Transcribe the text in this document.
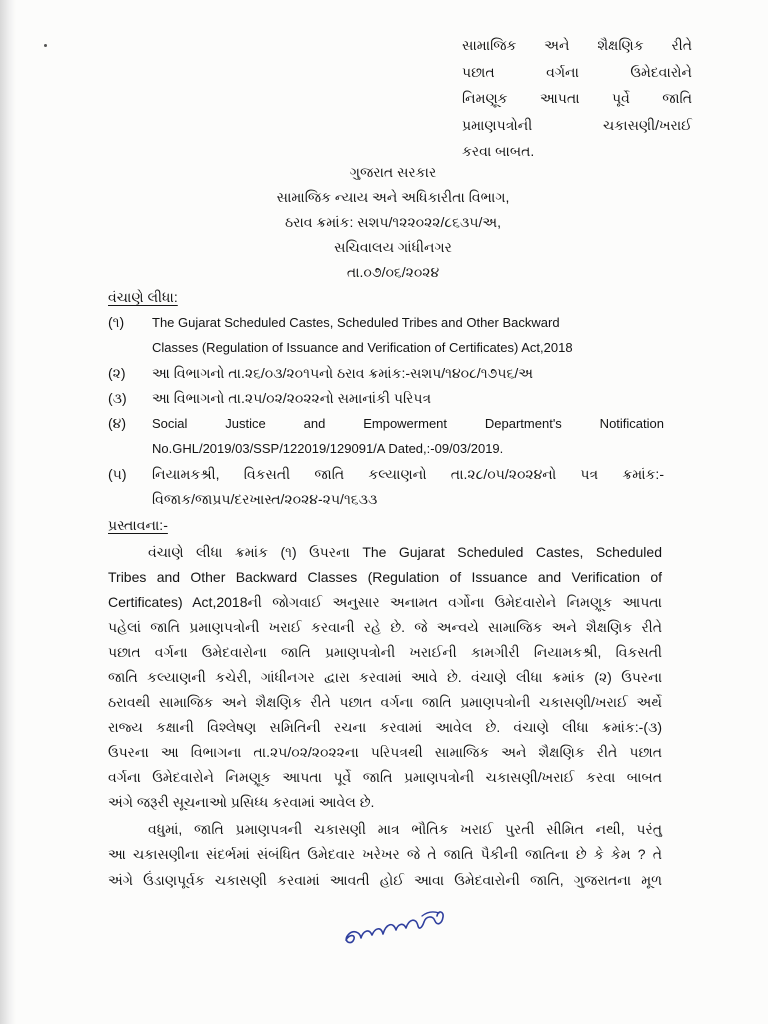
સામાજિક અને શૈક્ષણિક રીતે
પછાત વર્ગના ઉમેદવારોને
નિમણૂક આપતા પૂર્વે જાતિ
પ્રમાણપત્રોની ચકાસણી/ખરાઈ
કરવા બાબત.
ગુજરાત સરકાર
સામાજિક ન્યાય અને અધિકારીતા વિભાગ,
ઠરાવ ક્રમાંક: સશપ/૧૨૨૦૨૨/૮૬૩૫/અ,
સચિવાલય ગાંધીનગર
તા.૦૭/૦૬/૨૦૨૪
વંચાણે લીધા:
(૧)	The Gujarat Scheduled Castes, Scheduled Tribes and Other Backward
Classes (Regulation of Issuance and Verification of Certificates) Act,2018
(૨)	આ વિભાગનો તા.૨૬/૦૩/૨૦૧૫નો ઠરાવ ક્રમાંક:-સશપ/૧૪૦૮/૧૭૫૬/અ
(૩)	આ વિભાગનો તા.૨૫/૦૨/૨૦૨૨નો સમાનાંકી પરિપત્ર
(૪)	Social Justice and Empowerment Department's Notification
No.GHL/2019/03/SSP/122019/129091/A Dated,:-09/03/2019.
(૫)	નિયામકશ્રી, વિકસતી જાતિ કલ્યાણનો તા.૨૮/૦૫/૨૦૨૪નો પત્ર ક્રમાંક:-
વિજાક/જાપ્રપ/દરખાસ્ત/૨૦૨૪-૨૫/૧૬૩૩
પ્રસ્તાવના:-
વંચાણે લીધા ક્રમાંક (૧) ઉપરના The Gujarat Scheduled Castes, Scheduled
Tribes and Other Backward Classes (Regulation of Issuance and Verification of
Certificates) Act,2018ની જોગવાઈ અનુસાર અનામત વર્ગોના ઉમેદવારોને નિમણૂક આપતા
પહેલાં જાતિ પ્રમાણપત્રોની ખરાઈ કરવાની રહે છે. જે અન્વયે સામાજિક અને શૈક્ષણિક રીતે
પછાત વર્ગના ઉમેદવારોના જાતિ પ્રમાણપત્રોની ખરાઈની કામગીરી નિયામકશ્રી, વિકસતી
જાતિ કલ્યાણની કચેરી, ગાંધીનગર દ્વારા કરવામાં આવે છે. વંચાણે લીધા ક્રમાંક (૨) ઉપરના
ઠરાવથી સામાજિક અને શૈક્ષણિક રીતે પછાત વર્ગના જાતિ પ્રમાણપત્રોની ચકાસણી/ખરાઈ અર્થે
રાજ્ય કક્ષાની વિશ્લેષણ સમિતિની રચના કરવામાં આવેલ છે. વંચાણે લીધા ક્રમાંક:-(૩)
ઉપરના આ વિભાગના તા.૨૫/૦૨/૨૦૨૨ના પરિપત્રથી સામાજિક અને શૈક્ષણિક રીતે પછાત
વર્ગના ઉમેદવારોને નિમણૂક આપતા પૂર્વે જાતિ પ્રમાણપત્રોની ચકાસણી/ખરાઈ કરવા બાબત
અંગે જરૂરી સૂચનાઓ પ્રસિધ્ધ કરવામાં આવેલ છે.
વધુમાં, જાતિ પ્રમાણપત્રની ચકાસણી માત્ર ભૌતિક ખરાઈ પુરતી સીમિત નથી, પરંતુ
આ ચકાસણીના સંદર્ભમાં સંબંધિત ઉમેદવાર ખરેખર જે તે જાતિ પૈકીની જાતિના છે કે કેમ ? તે
અંગે ઉંડાણપૂર્વક ચકાસણી કરવામાં આવતી હોઈ આવા ઉમેદવારોની જાતિ, ગુજરાતના મૂળ
